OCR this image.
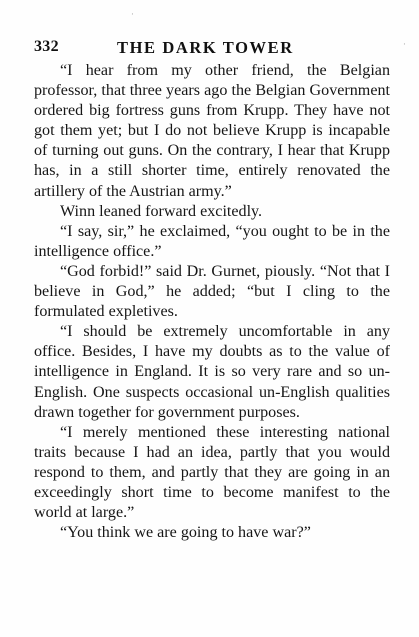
332	THE DARK TOWER

“I hear from my other friend, the Belgian professor, that three years ago the Belgian Government ordered big fortress guns from Krupp. They have not got them yet; but I do not believe Krupp is incapable of turning out guns. On the contrary, I hear that Krupp has, in a still shorter time, entirely renovated the artillery of the Austrian army.”

Winn leaned forward excitedly.

“I say, sir,” he exclaimed, “you ought to be in the intelligence office.”

“God forbid!” said Dr. Gurnet, piously. “Not that I believe in God,” he added; “but I cling to the formulated expletives.

“I should be extremely uncomfortable in any office. Besides, I have my doubts as to the value of intelligence in England. It is so very rare and so un-English. One suspects occasional un-English qualities drawn together for government purposes.

“I merely mentioned these interesting national traits because I had an idea, partly that you would respond to them, and partly that they are going in an exceedingly short time to become manifest to the world at large.”

“You think we are going to have war?”

·
·
